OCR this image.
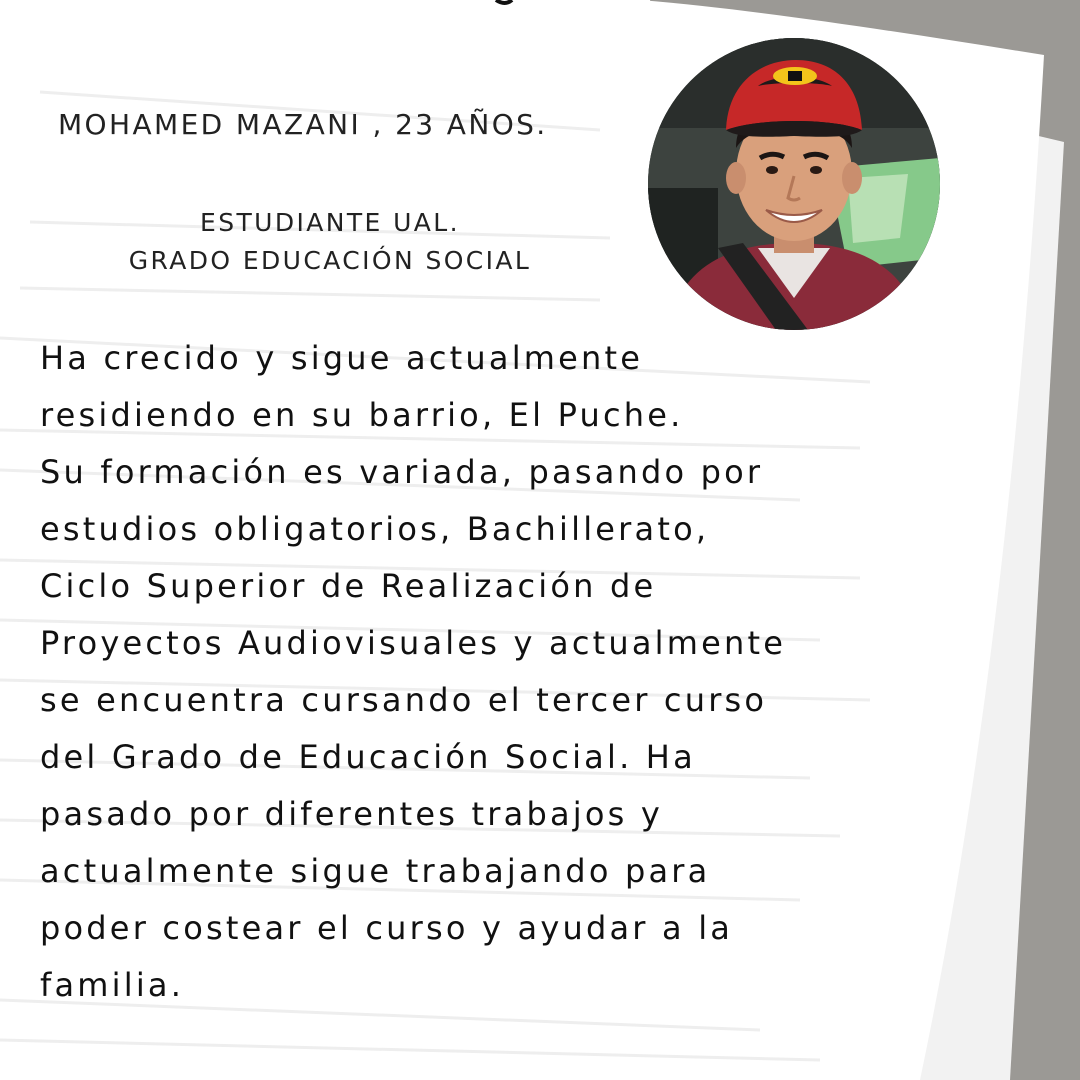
MOHAMED MAZANI , 23 AÑOS.
ESTUDIANTE UAL.
GRADO EDUCACIÓN SOCIAL
Ha crecido y sigue actualmente
residiendo en su barrio, El Puche.
Su formación es variada, pasando por
estudios obligatorios, Bachillerato,
Ciclo Superior de Realización de
Proyectos Audiovisuales y actualmente
se encuentra cursando el tercer curso
del Grado de Educación Social. Ha
pasado por diferentes trabajos y
actualmente sigue trabajando para
poder costear el curso y ayudar a la
familia.
